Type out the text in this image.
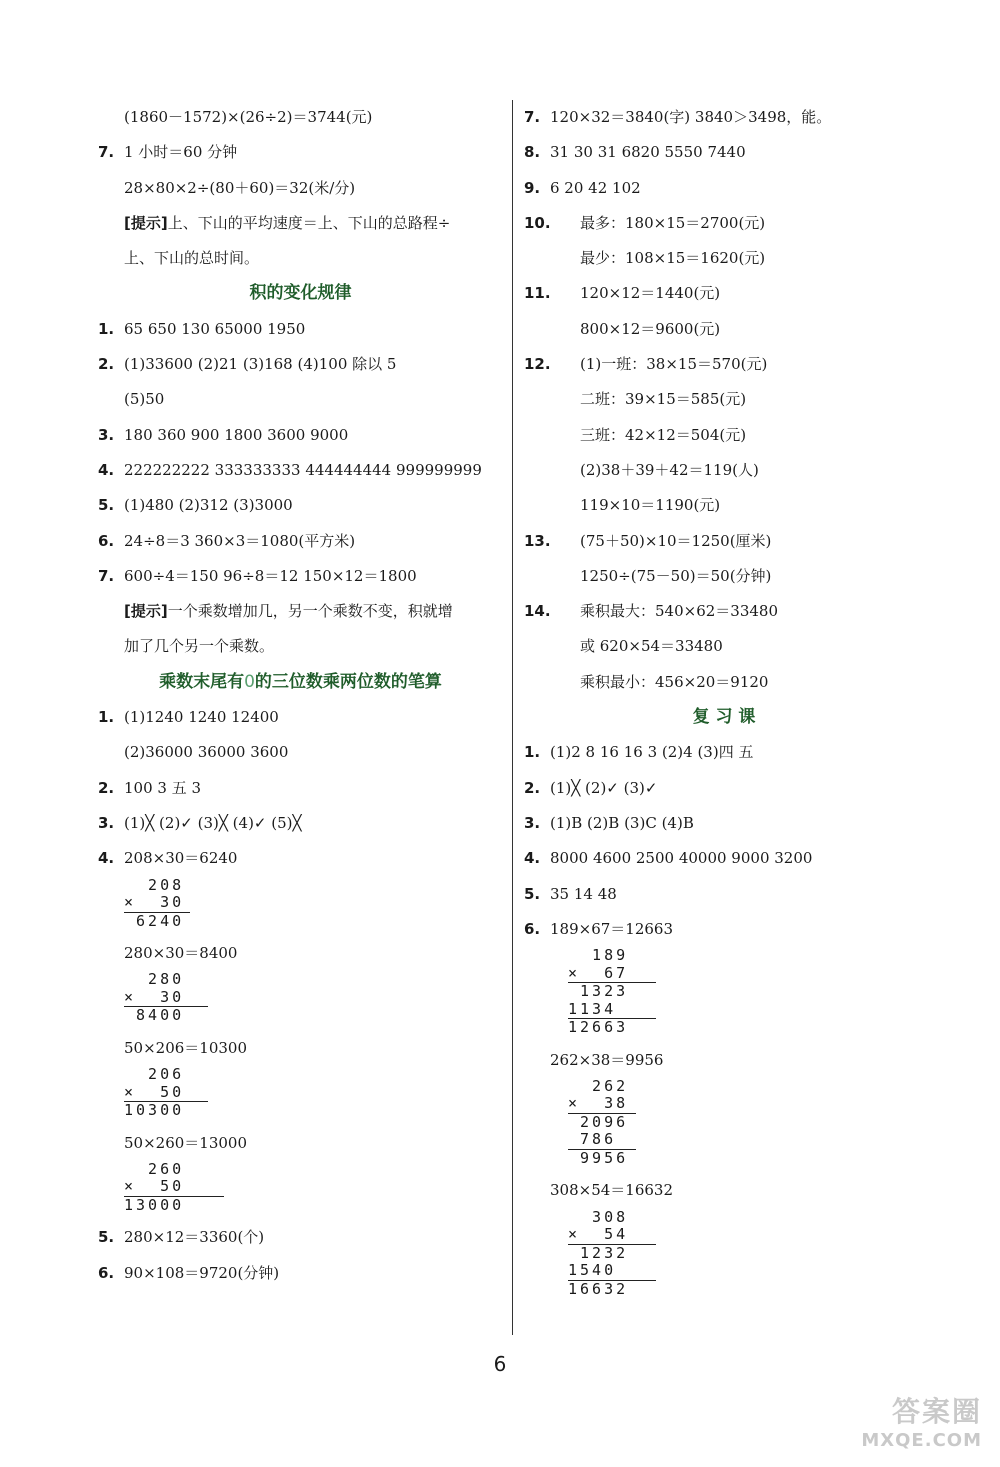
(1860－1572)×(26÷2)＝3744(元)
7. 1 小时＝60 分钟
28×80×2÷(80＋60)＝32(米/分)
[提示]上、下山的平均速度＝上、下山的总路程÷
上、下山的总时间。
积的变化规律
1. 65 650 130 65000 1950
2. (1)33600 (2)21 (3)168 (4)100 除以 5
(5)50
3. 180 360 900 1800 3600 9000
4. 222222222 333333333 444444444 999999999
5. (1)480 (2)312 (3)3000
6. 24÷8＝3 360×3＝1080(平方米)
7. 600÷4＝150 96÷8＝12 150×12＝1800
[提示]一个乘数增加几，另一个乘数不变，积就增
加了几个另一个乘数。
乘数末尾有0的三位数乘两位数的笔算
1. (1)1240 1240 12400
(2)36000 36000 3600
2. 100 3 五 3
3. (1)╳ (2)✓ (3)╳ (4)✓ (5)╳
4. 208×30＝6240
208
×  30
6240
280×30＝8400
280
×  30
8400
50×206＝10300
206
×  50
10300
50×260＝13000
260
×  50
13000
5. 280×12＝3360(个)
6. 90×108＝9720(分钟)
7. 120×32＝3840(字) 3840＞3498，能。
8. 31 30 31 6820 5550 7440
9. 6 20 42 102
10. 最多：180×15＝2700(元)
最少：108×15＝1620(元)
11. 120×12＝1440(元)
800×12＝9600(元)
12. (1)一班：38×15＝570(元)
二班：39×15＝585(元)
三班：42×12＝504(元)
(2)38＋39＋42＝119(人)
119×10＝1190(元)
13. (75＋50)×10＝1250(厘米)
1250÷(75－50)＝50(分钟)
14. 乘积最大：540×62＝33480
或 620×54＝33480
乘积最小：456×20＝9120
复 习 课
1. (1)2 8 16 16 3 (2)4 (3)四 五
2. (1)╳ (2)✓ (3)✓
3. (1)B (2)B (3)C (4)B
4. 8000 4600 2500 40000 9000 3200
5. 35 14 48
6. 189×67＝12663
189
×  67
1323
1134
12663
262×38＝9956
262
×  38
2096
786
9956
308×54＝16632
308
×  54
1232
1540
16632
6
答案圈
MXQE.COM
